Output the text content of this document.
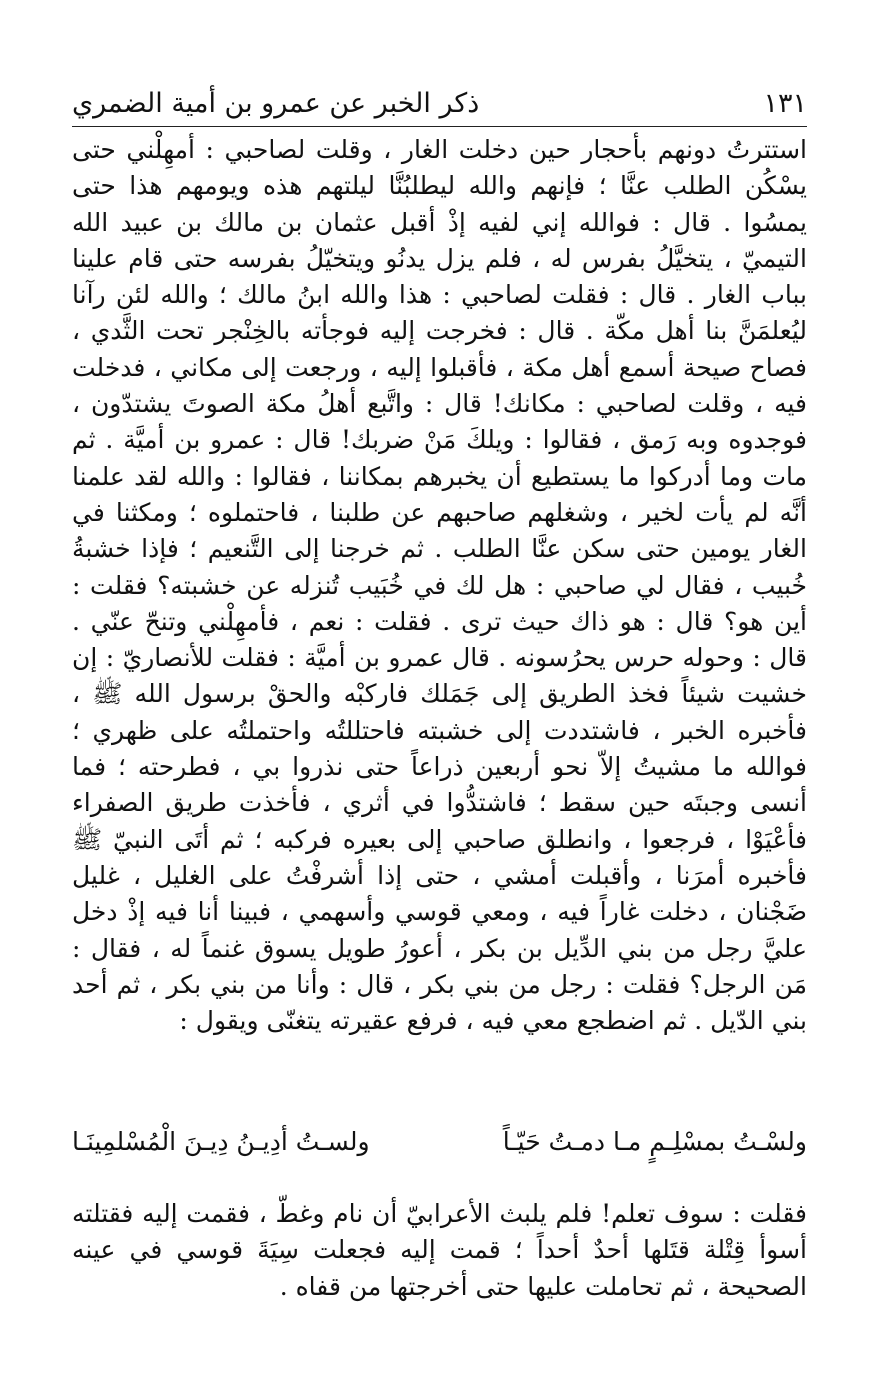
ذكر الخبر عن عمرو بن أمية الضمري	١٣١

استترتُ دونهم بأحجار حين دخلت الغار ، وقلت لصاحبي : أمهِلْني حتى يسْكُن الطلب عنَّا ؛ فإنهم والله ليطلبُنَّا ليلتهم هذه ويومهم هذا حتى يمسُوا . قال : فوالله إني لفيه إذْ أقبل عثمان بن مالك بن عبيد الله التيميّ ، يتخيَّلُ بفرس له ، فلم يزل يدنُو ويتخيّلُ بفرسه حتى قام علينا بباب الغار . قال : فقلت لصاحبي : هذا والله ابنُ مالك ؛ والله لئن رآنا ليُعلمَنَّ بنا أهل مكّة . قال : فخرجت إليه فوجأته بالخِنْجر تحت الثَّدي ، فصاح صيحة أسمع أهل مكة ، فأقبلوا إليه ، ورجعت إلى مكاني ، فدخلت فيه ، وقلت لصاحبي : مكانك! قال : واتَّبع أهلُ مكة الصوتَ يشتدّون ، فوجدوه وبه رَمق ، فقالوا : ويلكَ مَنْ ضربك! قال : عمرو بن أميَّة . ثم مات وما أدركوا ما يستطيع أن يخبرهم بمكاننا ، فقالوا : والله لقد علمنا أنَّه لم يأت لخير ، وشغلهم صاحبهم عن طلبنا ، فاحتملوه ؛ ومكثنا في الغار يومين حتى سكن عنَّا الطلب . ثم خرجنا إلى التَّنعيم ؛ فإذا خشبةُ خُبيب ، فقال لي صاحبي : هل لك في خُبَيب تُنزله عن خشبته؟ فقلت : أين هو؟ قال : هو ذاك حيث ترى . فقلت : نعم ، فأمهِلْني وتنحّ عنّي . قال : وحوله حرس يحرُسونه . قال عمرو بن أميَّة : فقلت للأنصاريّ : إن خشيت شيئاً فخذ الطريق إلى جَمَلك فاركبْه والحقْ برسول الله ﷺ ، فأخبره الخبر ، فاشتددت إلى خشبته فاحتللتُه واحتملتُه على ظهري ؛ فوالله ما مشيتُ إلاّ نحو أربعين ذراعاً حتى نذروا بي ، فطرحته ؛ فما أنسى وجبتَه حين سقط ؛ فاشتدُّوا في أثري ، فأخذت طريق الصفراء فأعْيَوْا ، فرجعوا ، وانطلق صاحبي إلى بعيره فركبه ؛ ثم أتَى النبيّ ﷺ فأخبره أمرَنا ، وأقبلت أمشي ، حتى إذا أشرفْتُ على الغليل ، غليل ضَجْنان ، دخلت غاراً فيه ، ومعي قوسي وأسهمي ، فبينا أنا فيه إذْ دخل عليَّ رجل من بني الدِّيل بن بكر ، أعورُ طويل يسوق غنماً له ، فقال : مَن الرجل؟ فقلت : رجل من بني بكر ، قال : وأنا من بني بكر ، ثم أحد بني الدّيل . ثم اضطجع معي فيه ، فرفع عقيرته يتغنّى ويقول :

ولسْـتُ بمسْلِـمٍ مـا دمـتُ حَيّـاً
ولسـتُ أدِيـنُ دِيـنَ الْمُسْلمِينَـا

فقلت : سوف تعلم! فلم يلبث الأعرابيّ أن نام وغطّ ، فقمت إليه فقتلته أسوأ قِتْلة قتَلها أحدٌ أحداً ؛ قمت إليه فجعلت سِيَةَ قوسي في عينه الصحيحة ، ثم تحاملت عليها حتى أخرجتها من قفاه .
